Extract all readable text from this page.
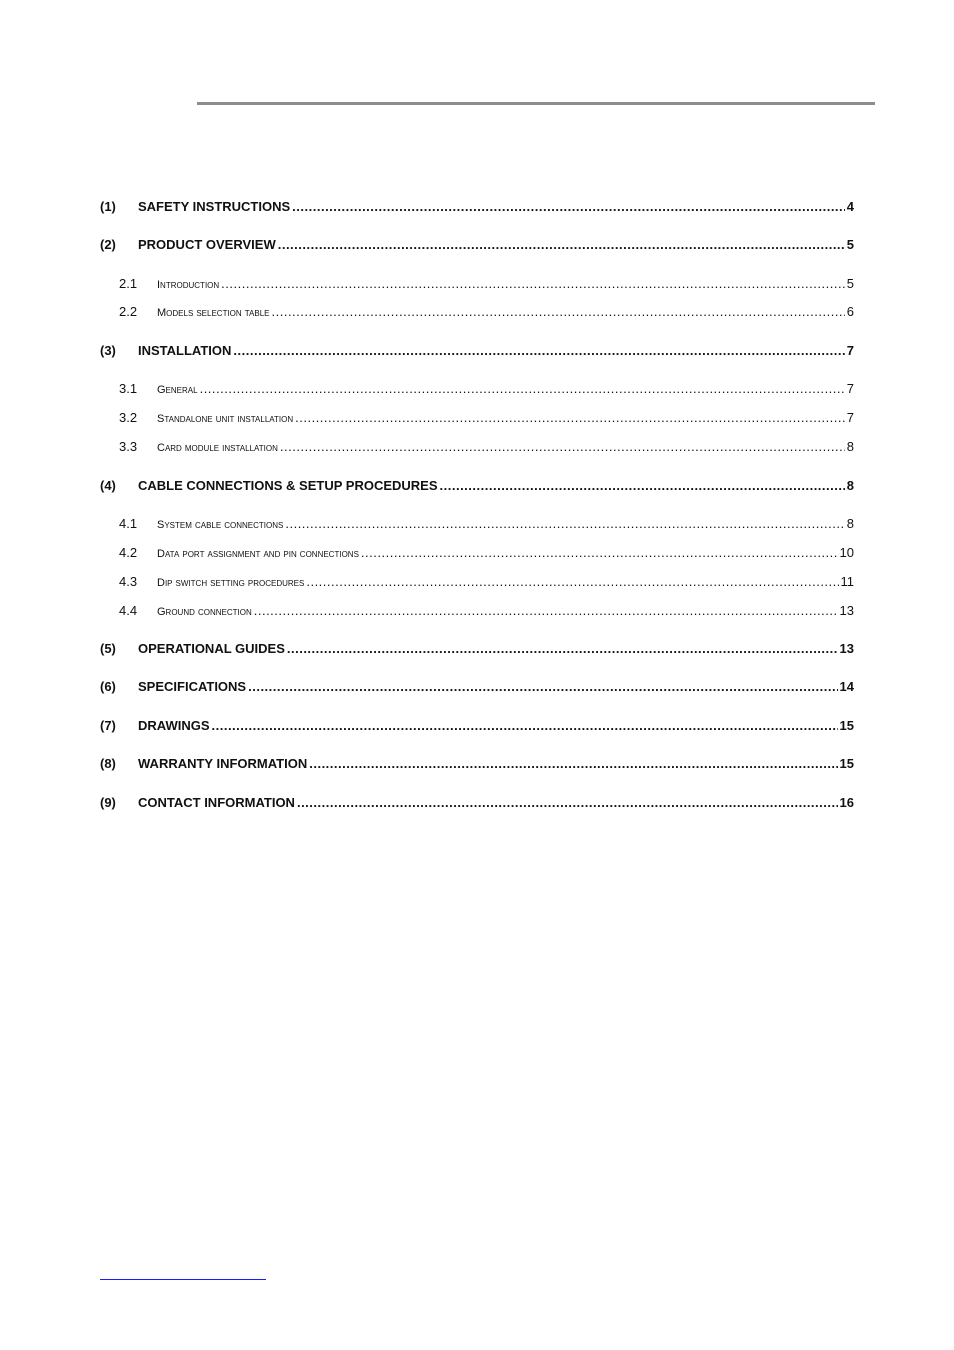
(1)	SAFETY INSTRUCTIONS .....	4
(2)	PRODUCT OVERVIEW .....	5
2.1	Introduction .....	5
2.2	Models selection table .....	6
(3)	INSTALLATION .....	7
3.1	General .....	7
3.2	Standalone unit installation .....	7
3.3	Card module installation .....	8
(4)	CABLE CONNECTIONS & SETUP PROCEDURES .....	8
4.1	System cable connections .....	8
4.2	Data port assignment and pin connections .....	10
4.3	Dip switch setting procedures .....	11
4.4	Ground connection .....	13
(5)	OPERATIONAL GUIDES .....	13
(6)	SPECIFICATIONS .....	14
(7)	DRAWINGS .....	15
(8)	WARRANTY INFORMATION .....	15
(9)	CONTACT INFORMATION .....	16
